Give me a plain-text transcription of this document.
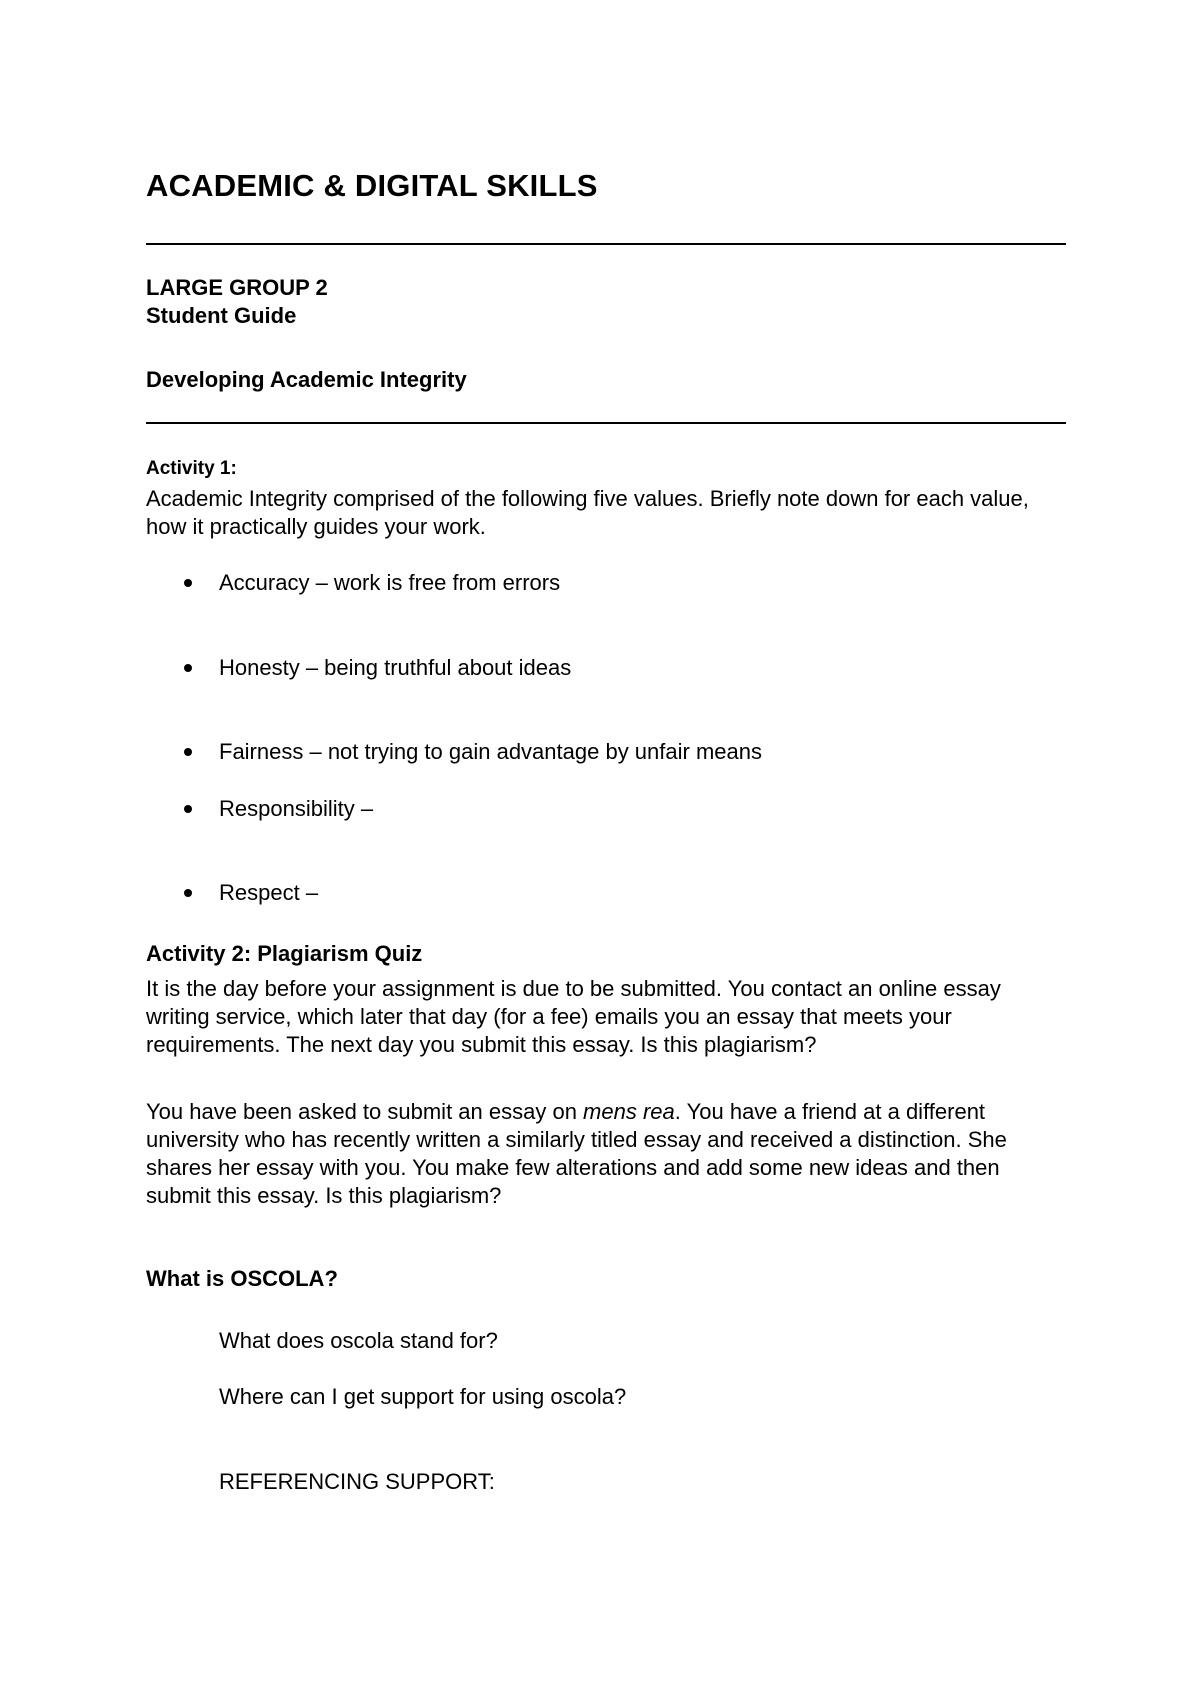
ACADEMIC & DIGITAL SKILLS
LARGE GROUP 2
Student Guide
Developing Academic Integrity
Activity 1:

Academic Integrity comprised of the following five values. Briefly note down for each value, how it practically guides your work.

Accuracy – work is free from errors
Honesty – being truthful about ideas
Fairness – not trying to gain advantage by unfair means
Responsibility –
Respect –
Activity 2: Plagiarism Quiz

It is the day before your assignment is due to be submitted. You contact an online essay writing service, which later that day (for a fee) emails you an essay that meets your requirements. The next day you submit this essay. Is this plagiarism?

You have been asked to submit an essay on mens rea. You have a friend at a different university who has recently written a similarly titled essay and received a distinction. She shares her essay with you. You make few alterations and add some new ideas and then submit this essay. Is this plagiarism?

What is OSCOLA?
What does oscola stand for?
Where can I get support for using oscola?
REFERENCING SUPPORT:
